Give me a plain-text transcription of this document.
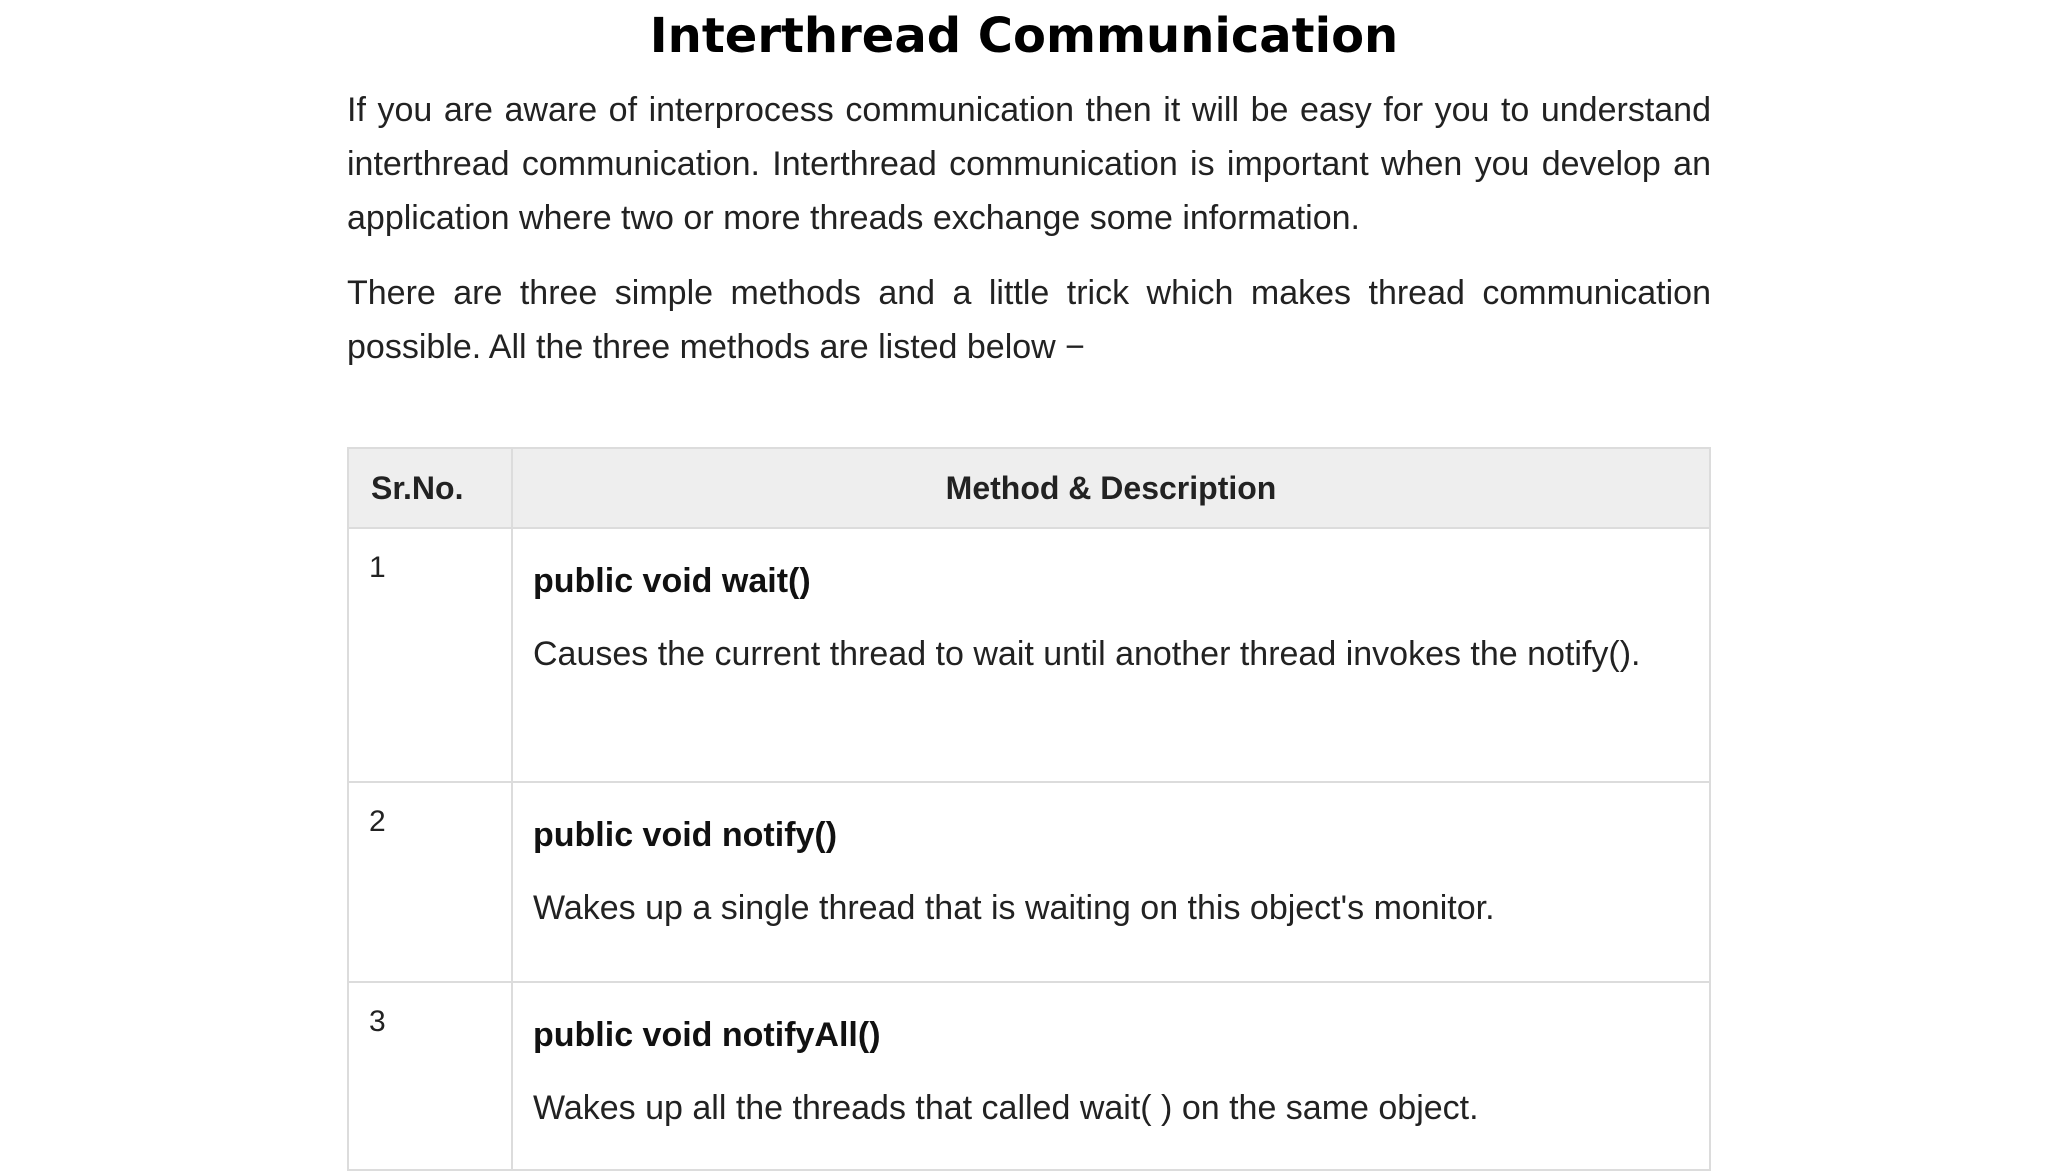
Interthread Communication

If you are aware of interprocess communication then it will be easy for you to understand interthread communication. Interthread communication is important when you develop an application where two or more threads exchange some information.

There are three simple methods and a little trick which makes thread communication possible. All the three methods are listed below −

Sr.No.	Method & Description
1	public void wait()

Causes the current thread to wait until another thread invokes the notify().

2	public void notify()

Wakes up a single thread that is waiting on this object's monitor.

3	public void notifyAll()

Wakes up all the threads that called wait( ) on the same object.
